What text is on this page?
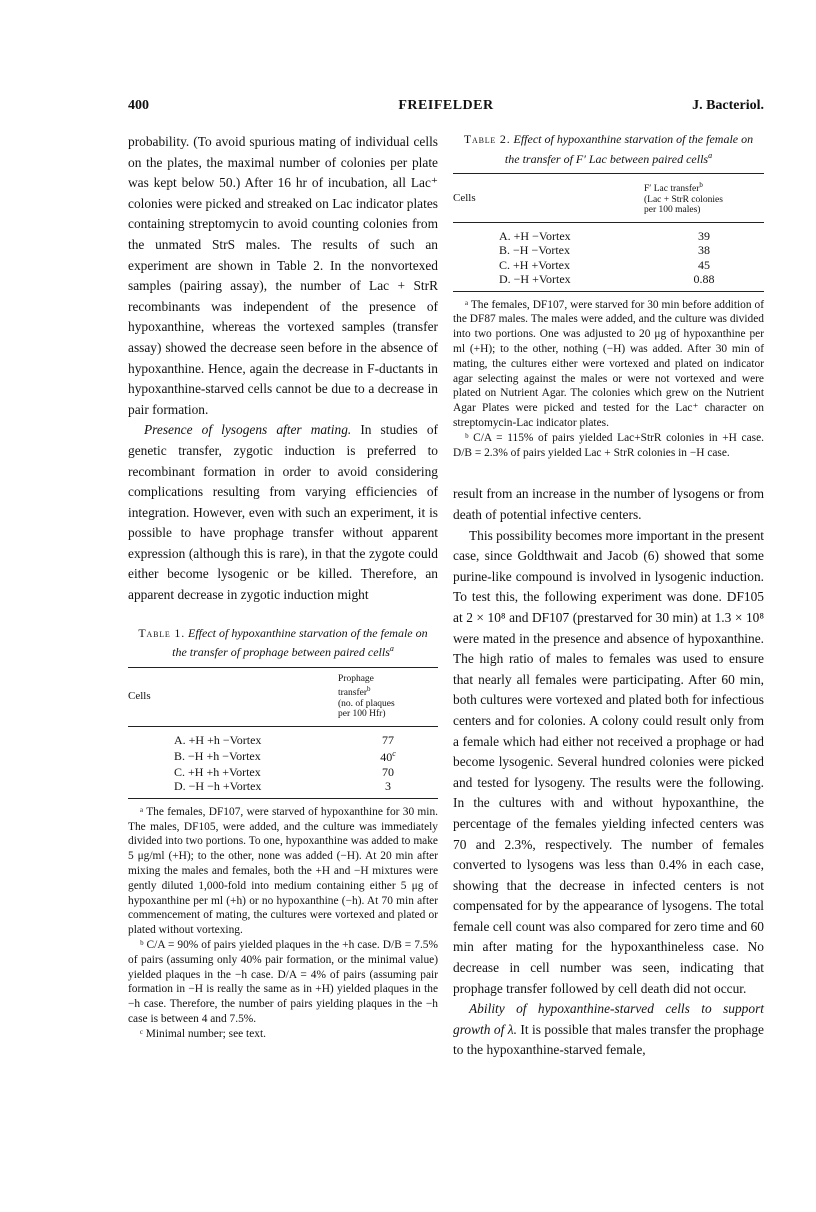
400	FREIFELDER	J. Bacteriol.

probability. (To avoid spurious mating of individual cells on the plates, the maximal number of colonies per plate was kept below 50.) After 16 hr of incubation, all Lac⁺ colonies were picked and streaked on Lac indicator plates containing streptomycin to avoid counting colonies from the unmated StrS males. The results of such an experiment are shown in Table 2. In the nonvortexed samples (pairing assay), the number of Lac + StrR recombinants was independent of the presence of hypoxanthine, whereas the vortexed samples (transfer assay) showed the decrease seen before in the absence of hypoxanthine. Hence, again the decrease in F-ductants in hypoxanthine-starved cells cannot be due to a decrease in pair formation.

Presence of lysogens after mating. In studies of genetic transfer, zygotic induction is preferred to recombinant formation in order to avoid considering complications resulting from varying efficiencies of integration. However, even with such an experiment, it is possible to have prophage transfer without apparent expression (although this is rare), in that the zygote could either become lysogenic or be killed. Therefore, an apparent decrease in zygotic induction might

Table 1. Effect of hypoxanthine starvation of the female on the transfer of prophage between paired cells$^a$
Cells	Prophage
transfer$^b$
(no. of plaques
per 100 Hfr)
A. +H +h −Vortex	77
B. −H +h −Vortex	40$^c$
C. +H +h +Vortex	70
D. −H −h +Vortex	3

ᵃ The females, DF107, were starved of hypoxanthine for 30 min. The males, DF105, were added, and the culture was immediately divided into two portions. To one, hypoxanthine was added to make 5 μg/ml (+H); to the other, none was added (−H). At 20 min after mixing the males and females, both the +H and −H mixtures were gently diluted 1,000-fold into medium containing either 5 μg of hypoxanthine per ml (+h) or no hypoxanthine (−h). At 70 min after commencement of mating, the cultures were vortexed and plated or plated without vortexing.

ᵇ C/A = 90% of pairs yielded plaques in the +h case. D/B = 7.5% of pairs (assuming only 40% pair formation, or the minimal value) yielded plaques in the −h case. D/A = 4% of pairs (assuming pair formation in −H is really the same as in +H) yielded plaques in the −h case. Therefore, the number of pairs yielding plaques in the −h case is between 4 and 7.5%.

ᶜ Minimal number; see text.

Table 2. Effect of hypoxanthine starvation of the female on the transfer of F′ Lac between paired cells$^a$
Cells	F′ Lac transfer$^b$
(Lac + StrR colonies
per 100 males)
A. +H −Vortex	39
B. −H −Vortex	38
C. +H +Vortex	45
D. −H +Vortex	0.88

ᵃ The females, DF107, were starved for 30 min before addition of the DF87 males. The males were added, and the culture was divided into two portions. One was adjusted to 20 μg of hypoxanthine per ml (+H); to the other, nothing (−H) was added. After 30 min of mating, the cultures either were vortexed and plated on indicator agar selecting against the males or were not vortexed and were plated on Nutrient Agar. The colonies which grew on the Nutrient Agar Plates were picked and tested for the Lac⁺ character on streptomycin-Lac indicator plates.

ᵇ C/A = 115% of pairs yielded Lac+StrR colonies in +H case. D/B = 2.3% of pairs yielded Lac + StrR colonies in −H case.

result from an increase in the number of lysogens or from death of potential infective centers.

This possibility becomes more important in the present case, since Goldthwait and Jacob (6) showed that some purine-like compound is involved in lysogenic induction. To test this, the following experiment was done. DF105 at 2 × 10⁸ and DF107 (prestarved for 30 min) at 1.3 × 10⁸ were mated in the presence and absence of hypoxanthine. The high ratio of males to females was used to ensure that nearly all females were participating. After 60 min, both cultures were vortexed and plated both for infectious centers and for colonies. A colony could result only from a female which had either not received a prophage or had become lysogenic. Several hundred colonies were picked and tested for lysogeny. The results were the following. In the cultures with and without hypoxanthine, the percentage of the females yielding infected centers was 70 and 2.3%, respectively. The number of females converted to lysogens was less than 0.4% in each case, showing that the decrease in infected centers is not compensated for by the appearance of lysogens. The total female cell count was also compared for zero time and 60 min after mating for the hypoxanthineless case. No decrease in cell number was seen, indicating that prophage transfer followed by cell death did not occur.

Ability of hypoxanthine-starved cells to support growth of λ. It is possible that males transfer the prophage to the hypoxanthine-starved female,
